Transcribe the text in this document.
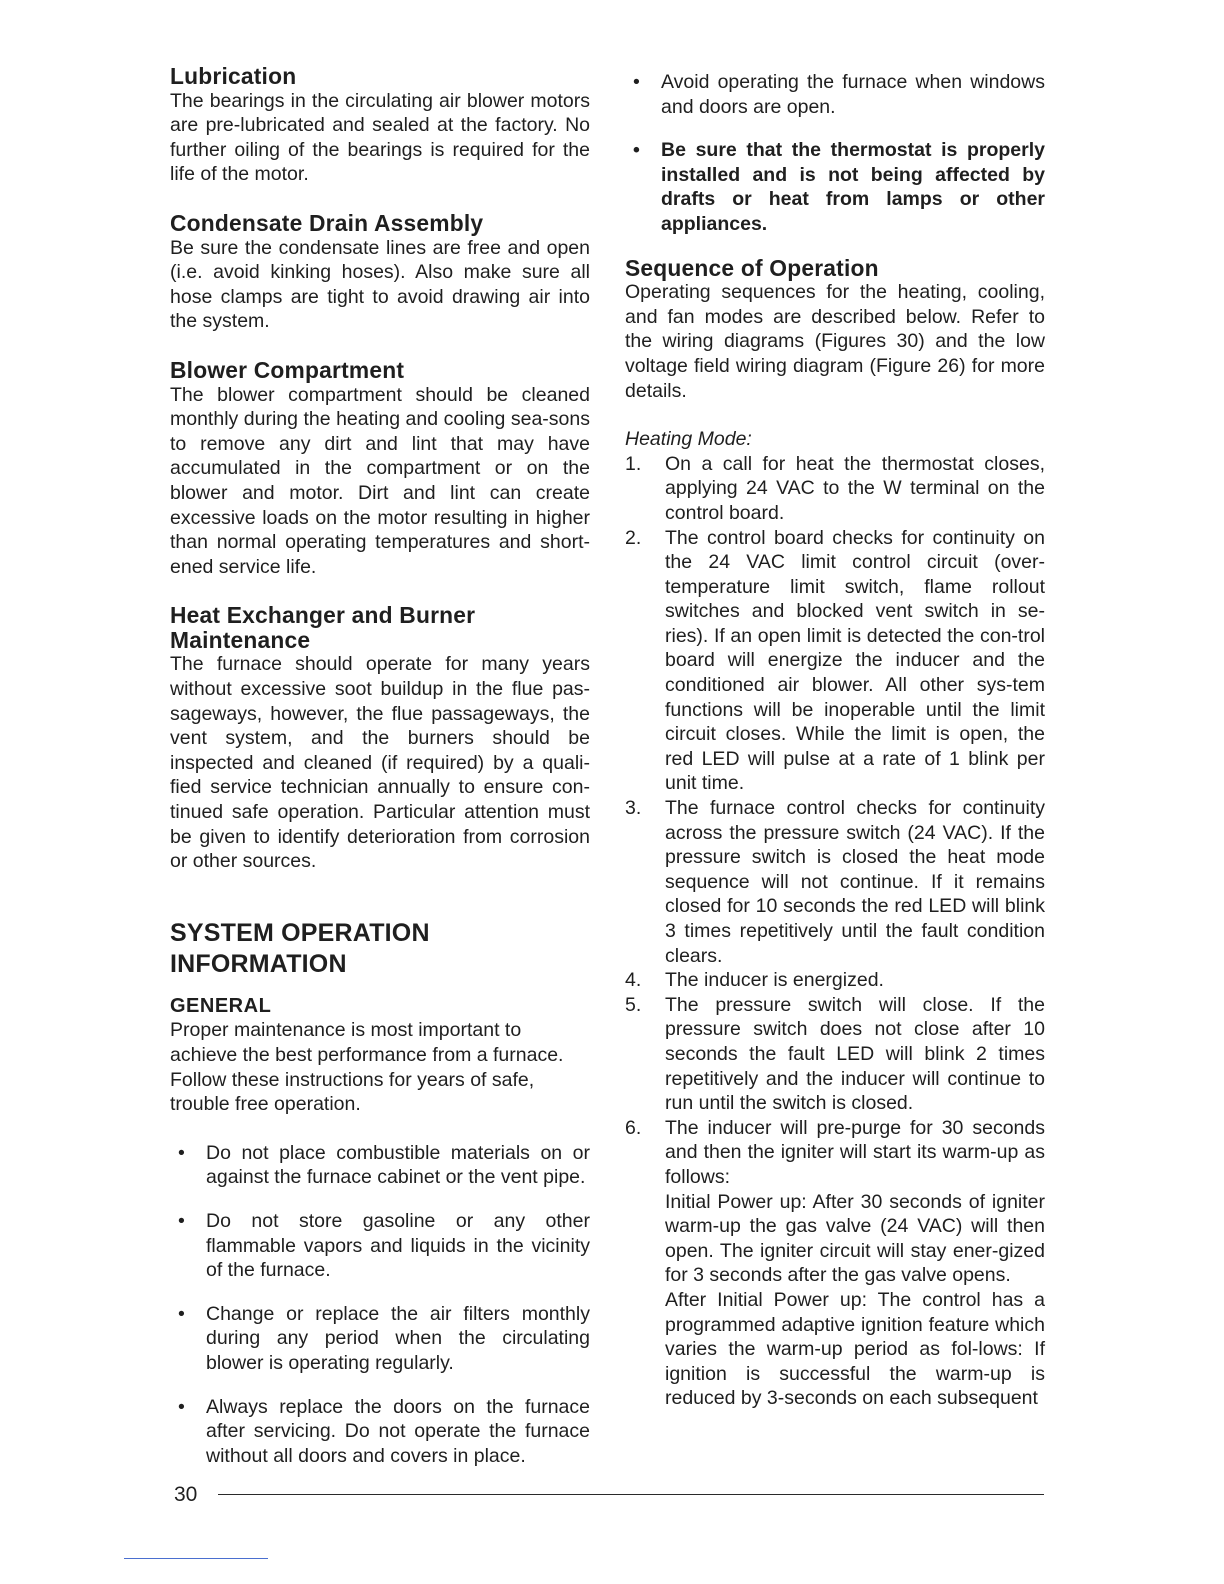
Lubrication

The bearings in the circulating air blower motors are pre-lubricated and sealed at the factory. No further oiling of the bearings is required for the life of the motor.

Condensate Drain Assembly

Be sure the condensate lines are free and open (i.e. avoid kinking hoses). Also make sure all hose clamps are tight to avoid drawing air into the system.

Blower Compartment

The blower compartment should be cleaned monthly during the heating and cooling sea-sons to remove any dirt and lint that may have accumulated in the compartment or on the blower and motor. Dirt and lint can create excessive loads on the motor resulting in higher than normal operating temperatures and short-ened service life.

Heat Exchanger and Burner Maintenance

The furnace should operate for many years without excessive soot buildup in the flue pas-sageways, however, the flue passageways, the vent system, and the burners should be inspected and cleaned (if required) by a quali-fied service technician annually to ensure con-tinued safe operation. Particular attention must be given to identify deterioration from corrosion or other sources.

SYSTEM OPERATION INFORMATION
GENERAL

Proper maintenance is most important to achieve the best performance from a furnace. Follow these instructions for years of safe, trouble free operation.

• Do not place combustible materials on or against the furnace cabinet or the vent pipe.
• Do not store gasoline or any other flammable vapors and liquids in the vicinity of the furnace.
• Change or replace the air filters monthly during any period when the circulating blower is operating regularly.
• Always replace the doors on the furnace after servicing. Do not operate the furnace without all doors and covers in place.
• Avoid operating the furnace when windows and doors are open.
• Be sure that the thermostat is properly installed and is not being affected by drafts or heat from lamps or other appliances.
Sequence of Operation

Operating sequences for the heating, cooling, and fan modes are described below. Refer to the wiring diagrams (Figures 30) and the low voltage field wiring diagram (Figure 26) for more details.

Heating Mode:

1. On a call for heat the thermostat closes, applying 24 VAC to the W terminal on the control board.
2. The control board checks for continuity on the 24 VAC limit control circuit (over-temperature limit switch, flame rollout switches and blocked vent switch in se-ries). If an open limit is detected the con-trol board will energize the inducer and the conditioned air blower. All other sys-tem functions will be inoperable until the limit circuit closes. While the limit is open, the red LED will pulse at a rate of 1 blink per unit time.
3. The furnace control checks for continuity across the pressure switch (24 VAC). If the pressure switch is closed the heat mode sequence will not continue. If it remains closed for 10 seconds the red LED will blink 3 times repetitively until the fault condition clears.
4. The inducer is energized.
5. The pressure switch will close. If the pressure switch does not close after 10 seconds the fault LED will blink 2 times repetitively and the inducer will continue to run until the switch is closed.
6. The inducer will pre-purge for 30 seconds and then the igniter will start its warm-up as follows:
Initial Power up: After 30 seconds of igniter warm-up the gas valve (24 VAC) will then open. The igniter circuit will stay ener-gized for 3 seconds after the gas valve opens.
After Initial Power up: The control has a programmed adaptive ignition feature which varies the warm-up period as fol-lows: If ignition is successful the warm-up is reduced by 3-seconds on each subsequent
30
